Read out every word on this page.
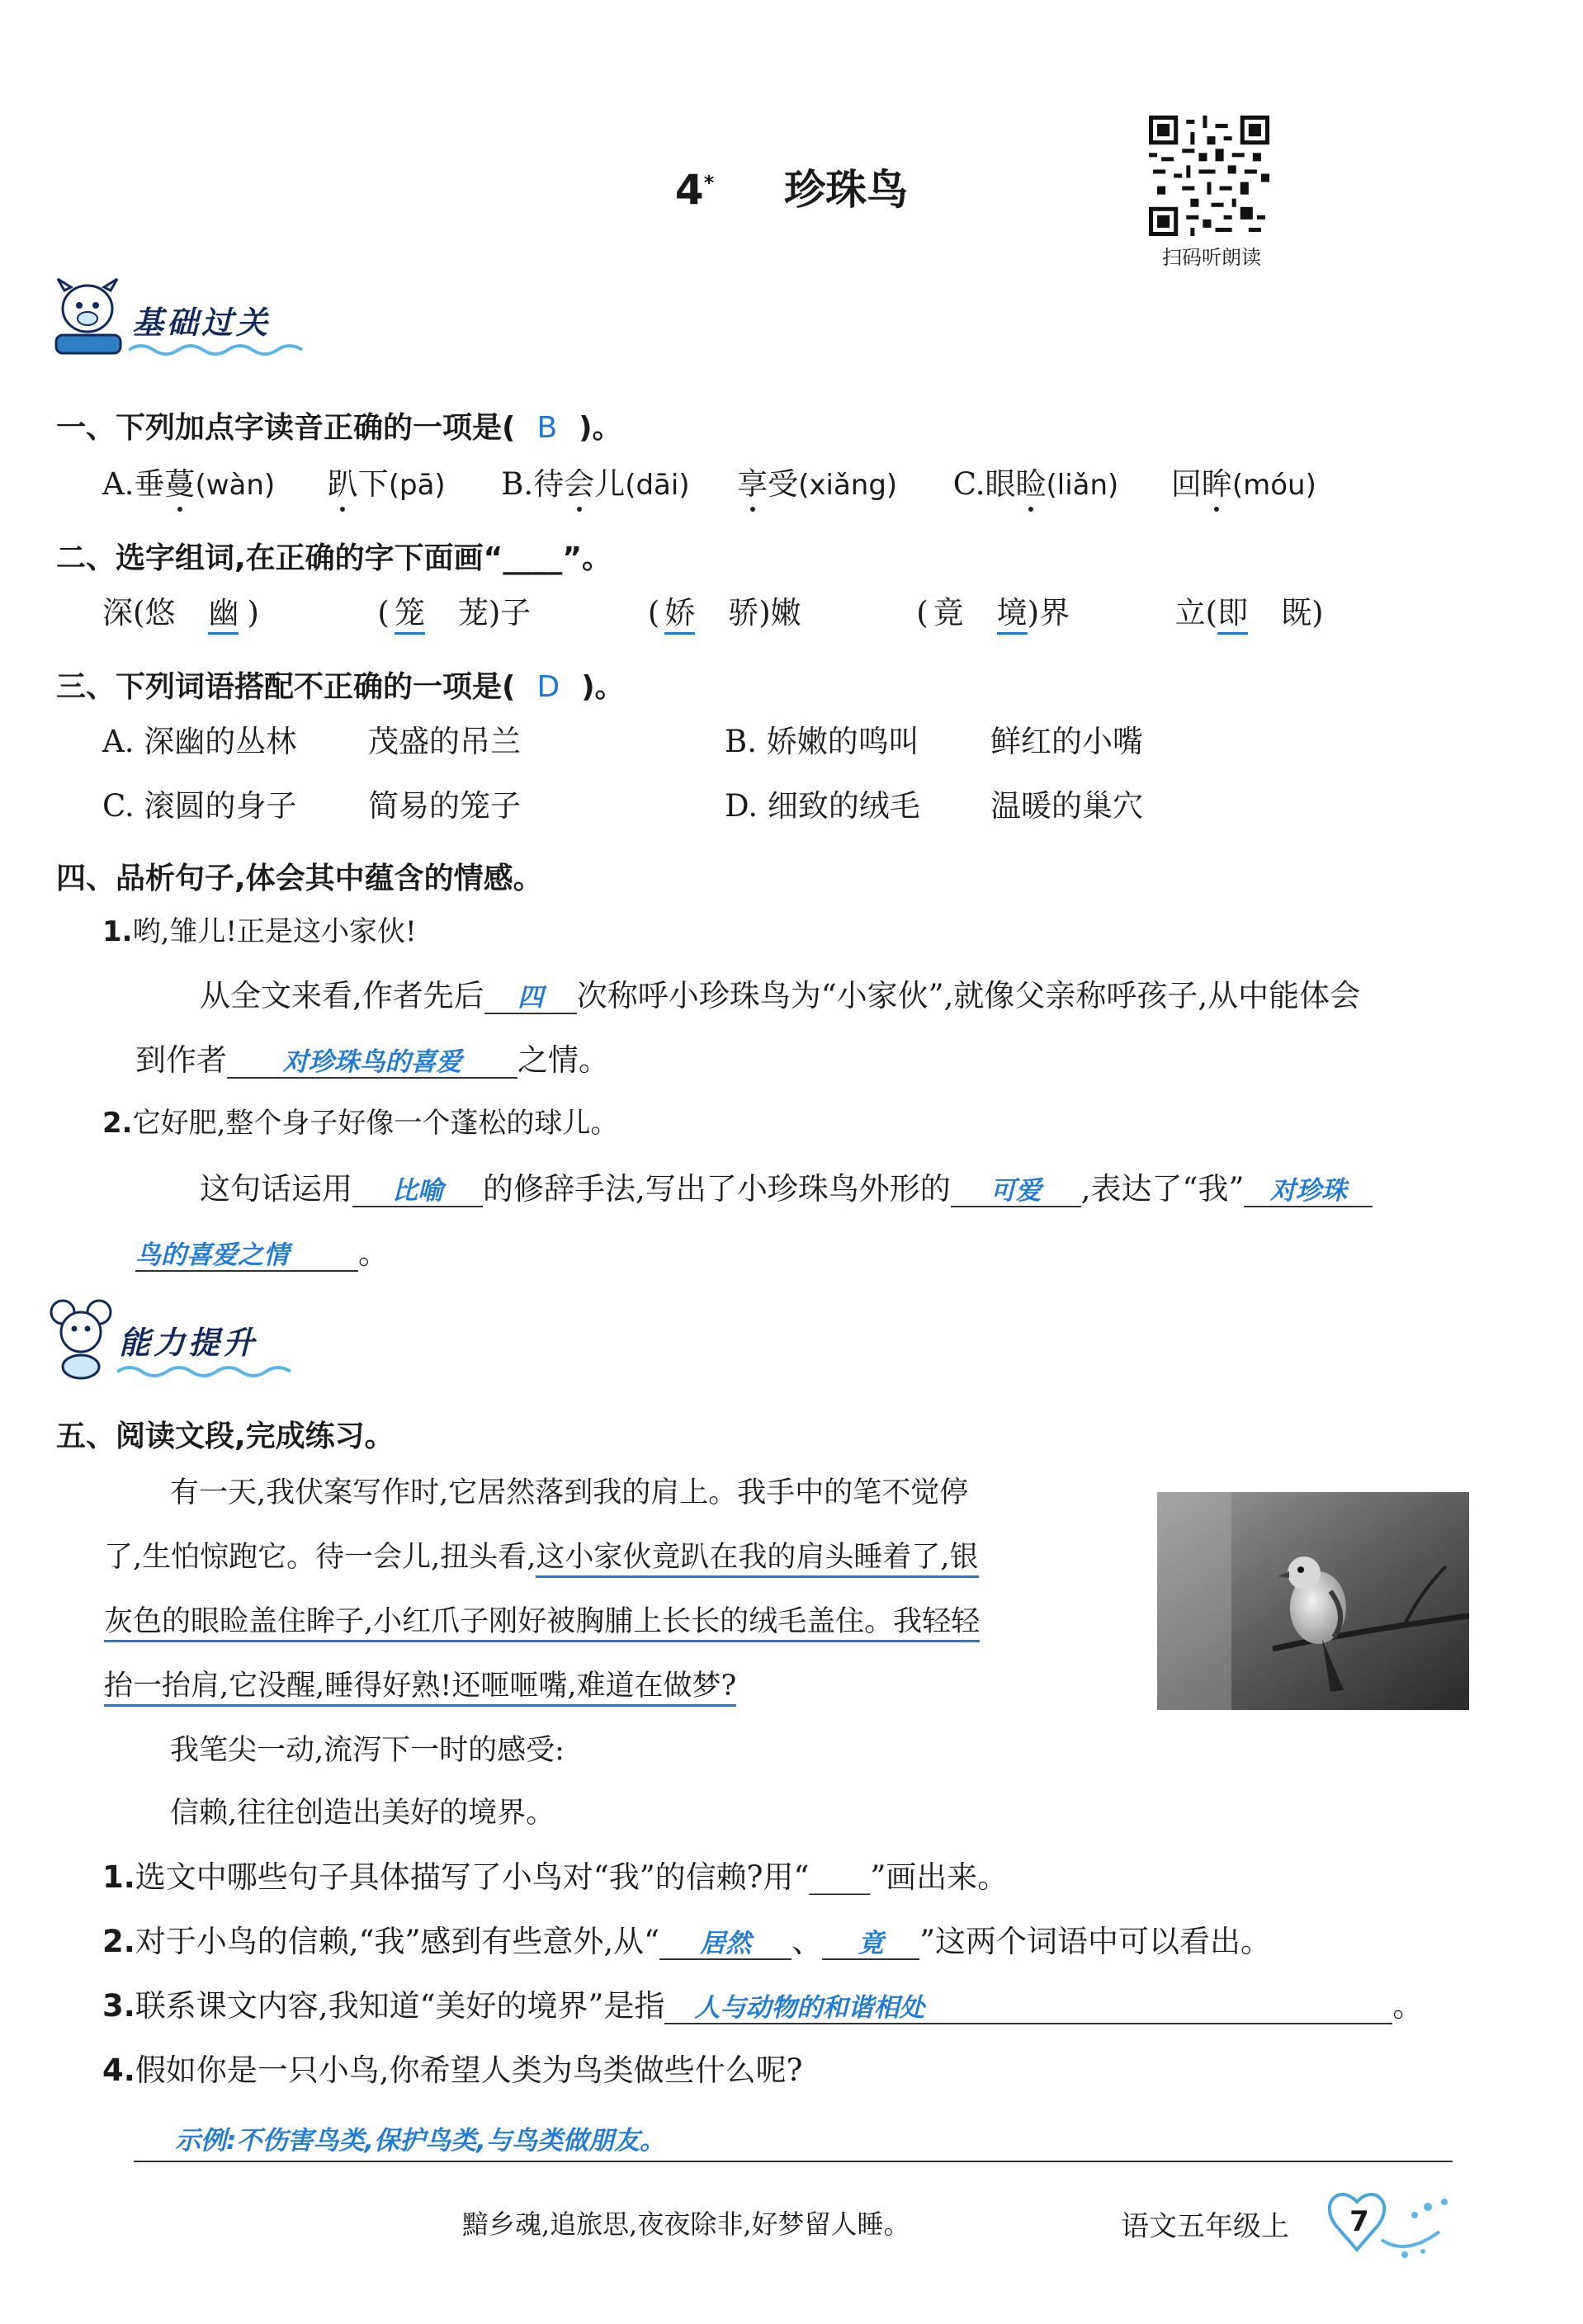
4* 珍珠鸟
扫码听朗读
基础过关
一、下列加点字读音正确的一项是( B )。
A.垂蔓(wàn) 趴下(pā) B.待会儿(dāi) 享受(xiǎng) C.眼睑(liǎn) 回眸(móu)
二、选字组词,在正确的字下面画“____”。
深(悠 幽 )	( 笼 茏)子	( 娇 骄)嫩	( 竟 境)界	立(即 既)
三、下列词语搭配不正确的一项是( D )。
A. 深幽的丛林 茂盛的吊兰	B. 娇嫩的鸣叫 鲜红的小嘴
C. 滚圆的身子 简易的笼子	D. 细致的绒毛 温暖的巢穴
四、品析句子,体会其中蕴含的情感。
1.哟,雏儿!正是这小家伙!
从全文来看,作者先后 四 次称呼小珍珠鸟为“小家伙”,就像父亲称呼孩子,从中能体会
到作者 对珍珠鸟的喜爱 之情。
2.它好肥,整个身子好像一个蓬松的球儿。
这句话运用 比喻 的修辞手法,写出了小珍珠鸟外形的 可爱 ,表达了“我” 对珍珠
鸟的喜爱之情 。
能力提升
五、阅读文段,完成练习。
有一天,我伏案写作时,它居然落到我的肩上。我手中的笔不觉停
了,生怕惊跑它。待一会儿,扭头看,这小家伙竟趴在我的肩头睡着了,银
灰色的眼睑盖住眸子,小红爪子刚好被胸脯上长长的绒毛盖住。我轻轻
抬一抬肩,它没醒,睡得好熟!还咂咂嘴,难道在做梦?
我笔尖一动,流泻下一时的感受:
信赖,往往创造出美好的境界。
1.选文中哪些句子具体描写了小鸟对“我”的信赖?用“____”画出来。
2.对于小鸟的信赖,“我”感到有些意外,从“ 居然 、 竟 ”这两个词语中可以看出。
3.联系课文内容,我知道“美好的境界”是指 人与动物的和谐相处	。
4.假如你是一只小鸟,你希望人类为鸟类做些什么呢?
示例:不伤害鸟类,保护鸟类,与鸟类做朋友。
黯乡魂,追旅思,夜夜除非,好梦留人睡。	语文五年级上	7
